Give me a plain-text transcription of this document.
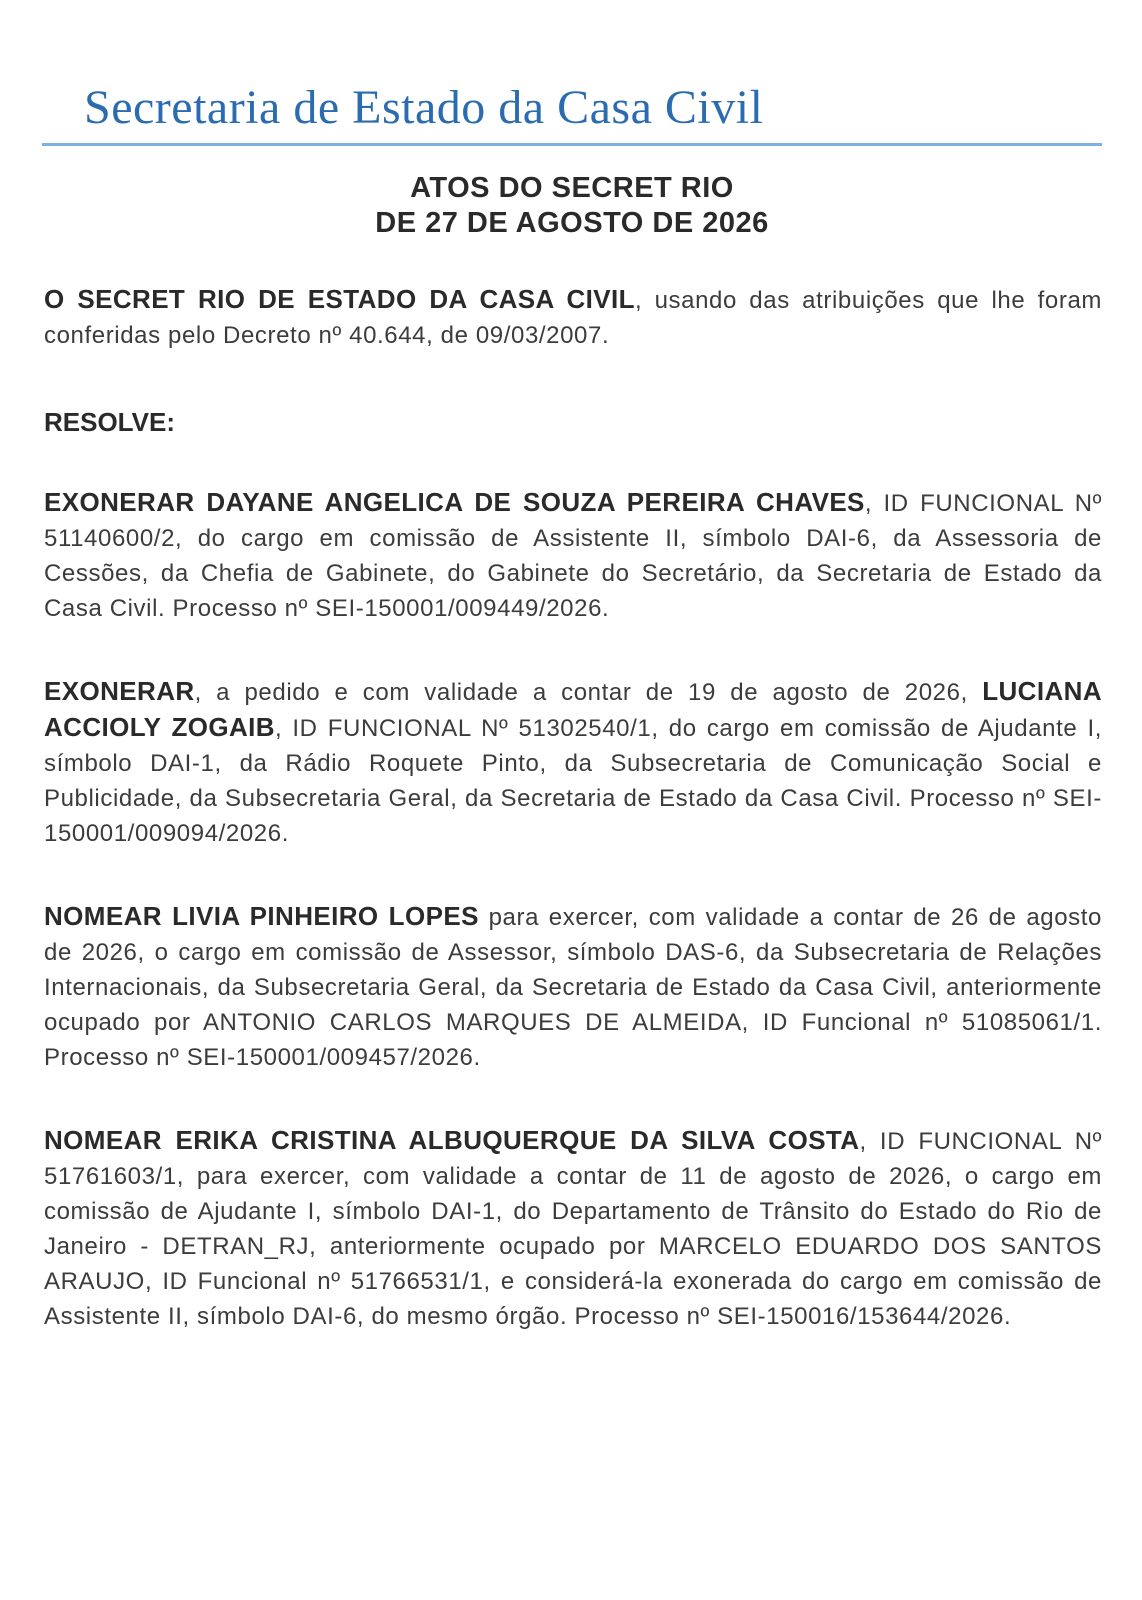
Secretaria de Estado da Casa Civil
ATOS DO SECRET RIO
DE 27 DE AGOSTO DE 2026

O SECRET RIO DE ESTADO DA CASA CIVIL, usando das atribuições que lhe foram conferidas pelo Decreto nº 40.644, de 09/03/2007.

RESOLVE:

EXONERAR DAYANE ANGELICA DE SOUZA PEREIRA CHAVES, ID FUNCIONAL Nº 51140600/2, do cargo em comissão de Assistente II, símbolo DAI-6, da Assessoria de Cessões, da Chefia de Gabinete, do Gabinete do Secretário, da Secretaria de Estado da Casa Civil. Processo nº SEI-150001/009449/2026.

EXONERAR, a pedido e com validade a contar de 19 de agosto de 2026, LUCIANA ACCIOLY ZOGAIB, ID FUNCIONAL Nº 51302540/1, do cargo em comissão de Ajudante I, símbolo DAI-1, da Rádio Roquete Pinto, da Subsecretaria de Comunicação Social e Publicidade, da Subsecretaria Geral, da Secretaria de Estado da Casa Civil. Processo nº SEI-150001/009094/2026.

NOMEAR LIVIA PINHEIRO LOPES para exercer, com validade a contar de 26 de agosto de 2026, o cargo em comissão de Assessor, símbolo DAS-6, da Subsecretaria de Relações Internacionais, da Subsecretaria Geral, da Secretaria de Estado da Casa Civil, anteriormente ocupado por ANTONIO CARLOS MARQUES DE ALMEIDA, ID Funcional nº 51085061/1. Processo nº SEI-150001/009457/2026.

NOMEAR ERIKA CRISTINA ALBUQUERQUE DA SILVA COSTA, ID FUNCIONAL Nº 51761603/1, para exercer, com validade a contar de 11 de agosto de 2026, o cargo em comissão de Ajudante I, símbolo DAI-1, do Departamento de Trânsito do Estado do Rio de Janeiro - DETRAN_RJ, anteriormente ocupado por MARCELO EDUARDO DOS SANTOS ARAUJO, ID Funcional nº 51766531/1, e considerá-la exonerada do cargo em comissão de Assistente II, símbolo DAI-6, do mesmo órgão. Processo nº SEI-150016/153644/2026.
